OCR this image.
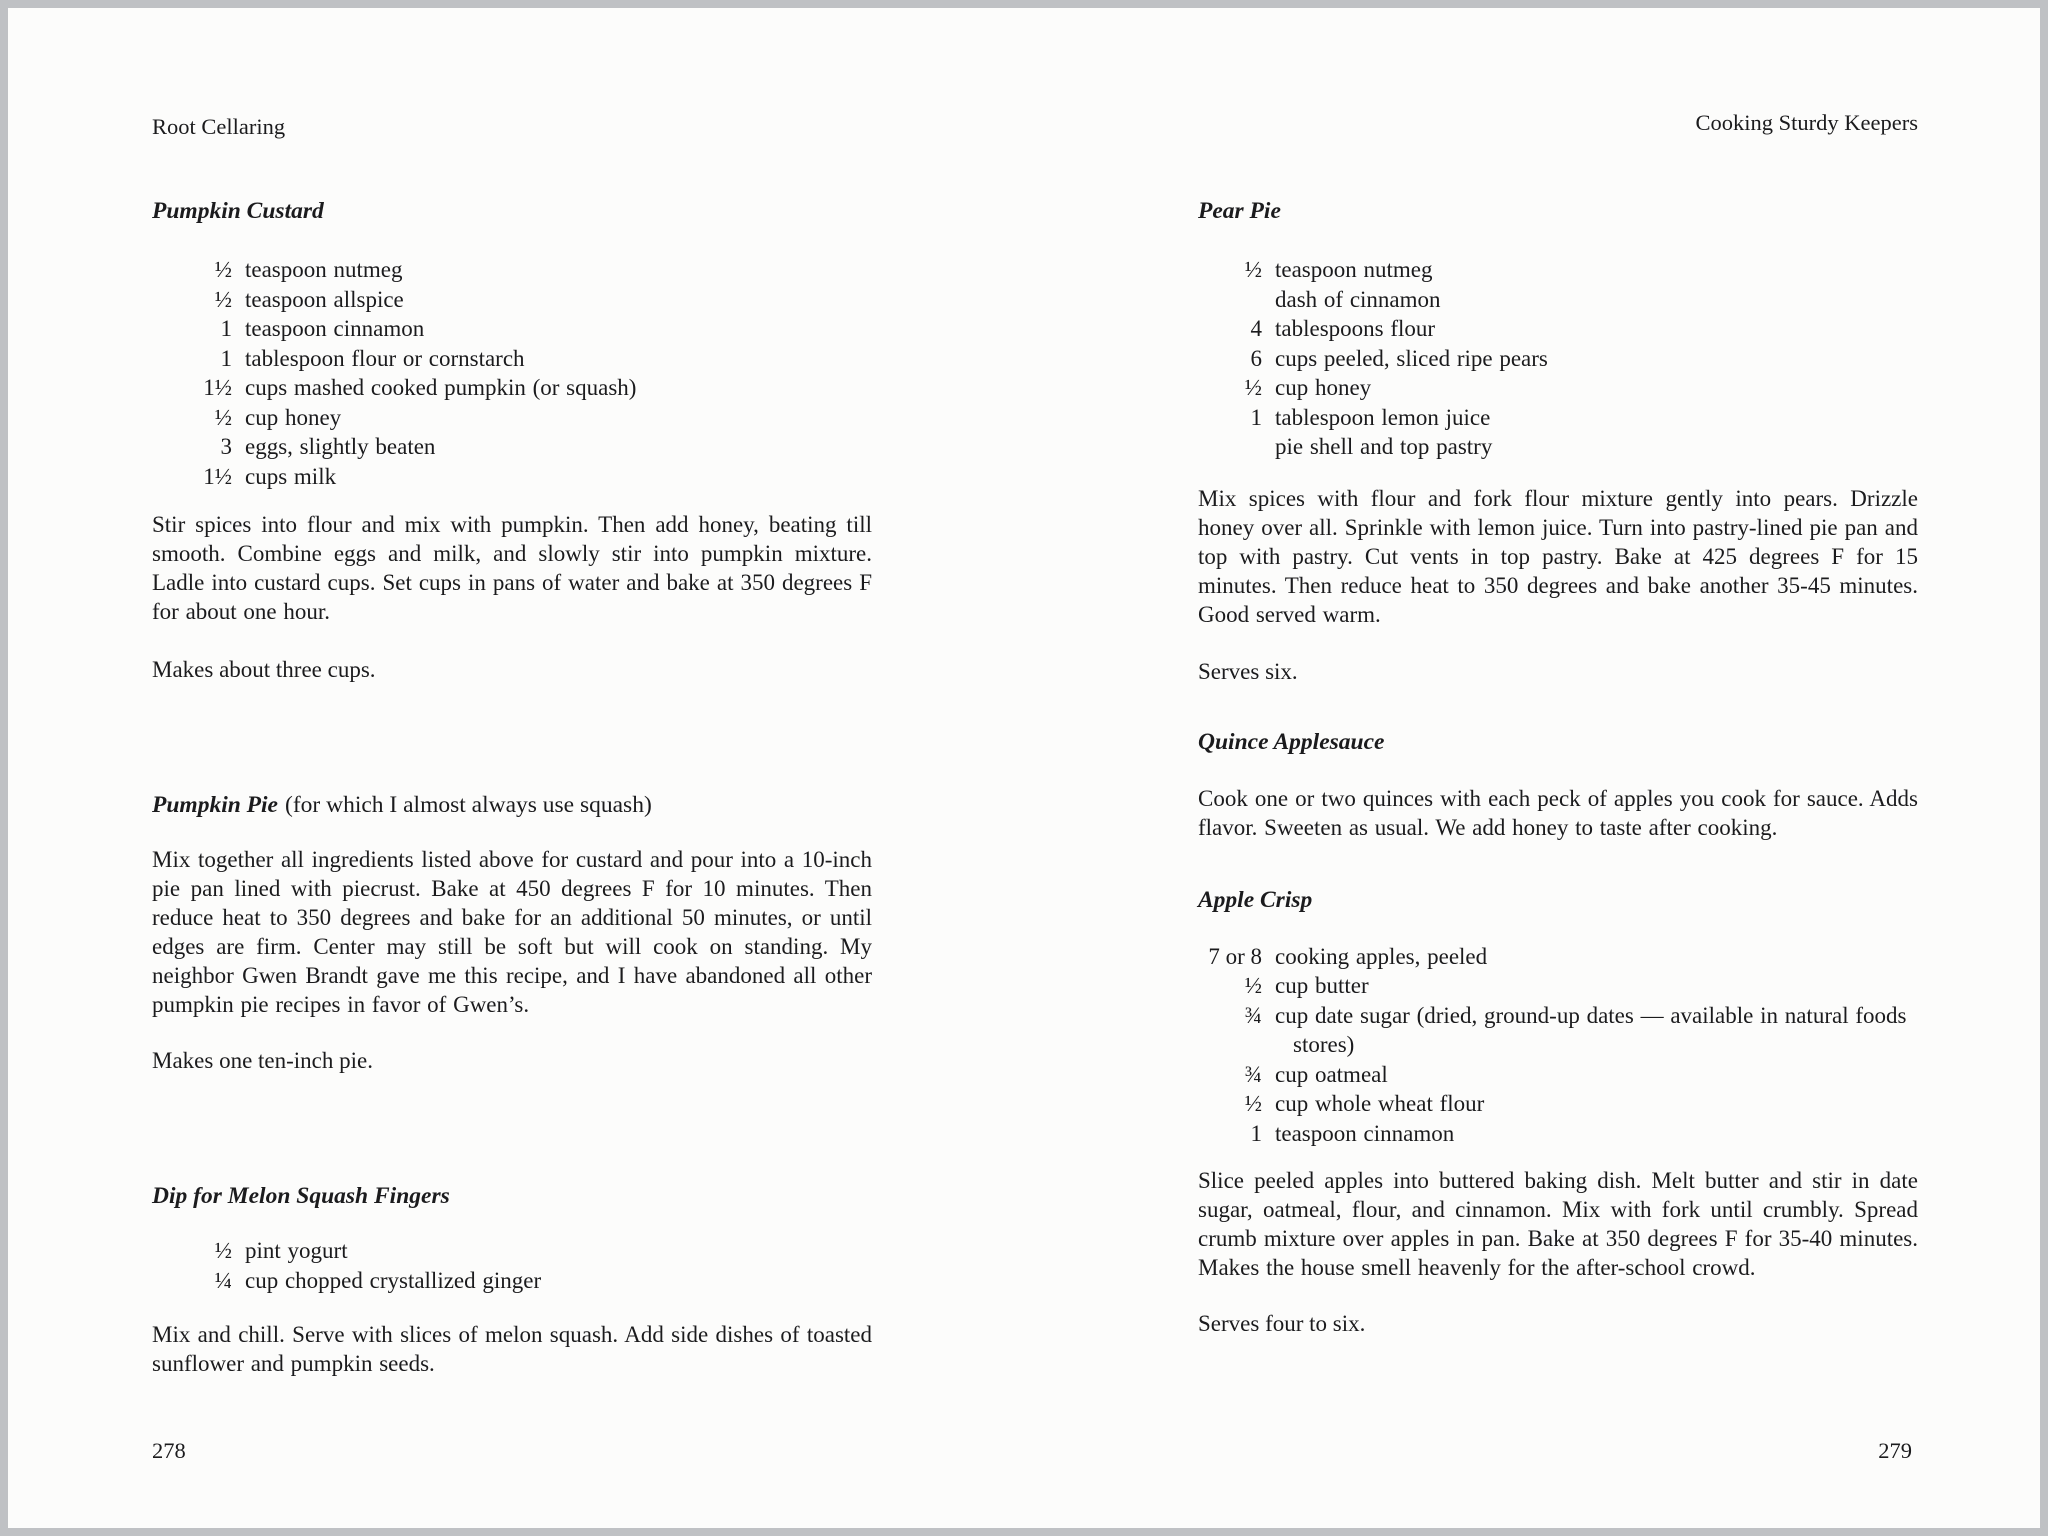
Root Cellaring
Pumpkin Custard
½ teaspoon nutmeg
½ teaspoon allspice
1 teaspoon cinnamon
1 tablespoon flour or cornstarch
1½ cups mashed cooked pumpkin (or squash)
½ cup honey
3 eggs, slightly beaten
1½ cups milk

Stir spices into flour and mix with pumpkin. Then add honey, beating till smooth. Combine eggs and milk, and slowly stir into pumpkin mixture. Ladle into custard cups. Set cups in pans of water and bake at 350 degrees F for about one hour.

Makes about three cups.

Pumpkin Pie (for which I almost always use squash)

Mix together all ingredients listed above for custard and pour into a 10-inch pie pan lined with piecrust. Bake at 450 degrees F for 10 minutes. Then reduce heat to 350 degrees and bake for an additional 50 minutes, or until edges are firm. Center may still be soft but will cook on standing. My neighbor Gwen Brandt gave me this recipe, and I have abandoned all other pumpkin pie recipes in favor of Gwen’s.

Makes one ten-inch pie.

Dip for Melon Squash Fingers
½ pint yogurt
¼ cup chopped crystallized ginger

Mix and chill. Serve with slices of melon squash. Add side dishes of toasted sunflower and pumpkin seeds.

278
Cooking Sturdy Keepers
Pear Pie
½ teaspoon nutmeg
dash of cinnamon
4 tablespoons flour
6 cups peeled, sliced ripe pears
½ cup honey
1 tablespoon lemon juice
pie shell and top pastry

Mix spices with flour and fork flour mixture gently into pears. Drizzle honey over all. Sprinkle with lemon juice. Turn into pastry-lined pie pan and top with pastry. Cut vents in top pastry. Bake at 425 degrees F for 15 minutes. Then reduce heat to 350 degrees and bake another 35-45 minutes. Good served warm.

Serves six.

Quince Applesauce

Cook one or two quinces with each peck of apples you cook for sauce. Adds flavor. Sweeten as usual. We add honey to taste after cooking.

Apple Crisp
7 or 8 cooking apples, peeled
½ cup butter
¾ cup date sugar (dried, ground-up dates — available in natural foods stores)
¾ cup oatmeal
½ cup whole wheat flour
1 teaspoon cinnamon

Slice peeled apples into buttered baking dish. Melt butter and stir in date sugar, oatmeal, flour, and cinnamon. Mix with fork until crumbly. Spread crumb mixture over apples in pan. Bake at 350 degrees F for 35-40 minutes. Makes the house smell heavenly for the after-school crowd.

Serves four to six.

279
